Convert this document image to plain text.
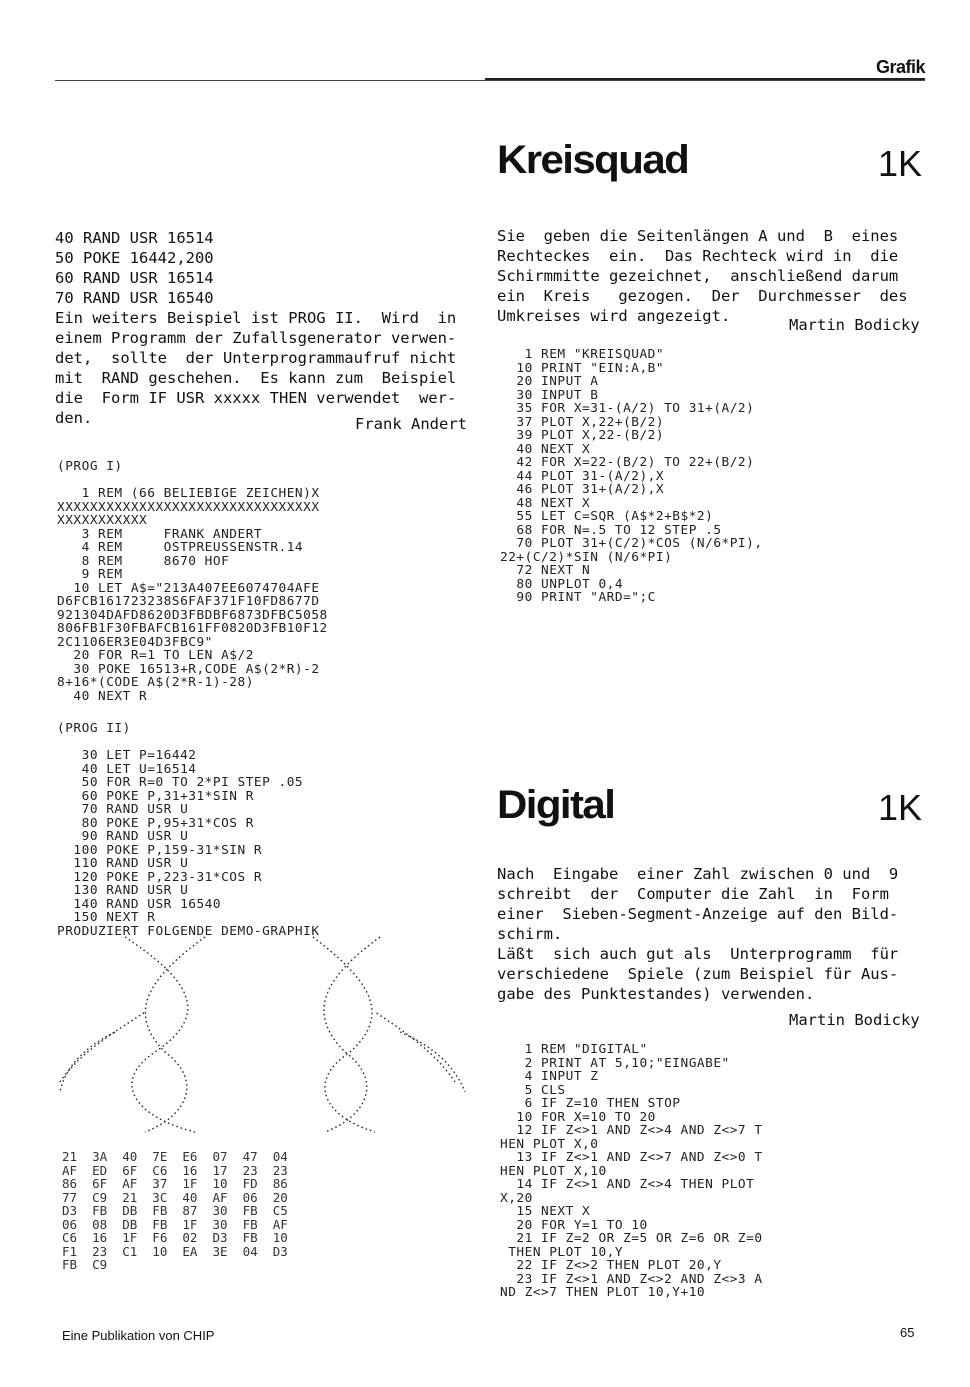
Grafik
40 RAND USR 16514
50 POKE 16442,200
60 RAND USR 16514
70 RAND USR 16540
Ein weiters Beispiel ist PROG II.  Wird  in
einem Programm der Zufallsgenerator verwen-
det,  sollte  der Unterprogrammaufruf nicht
mit  RAND geschehen.  Es kann zum  Beispiel
die  Form IF USR xxxxx THEN verwendet  wer-
den.	Frank Andert
(PROG I)
1 REM (66 BELIEBIGE ZEICHEN)X
XXXXXXXXXXXXXXXXXXXXXXXXXXXXXXXX
XXXXXXXXXXX
3 REM     FRANK ANDERT
4 REM     OSTPREUSSENSTR.14
8 REM     8670 HOF
9 REM
10 LET A$="213A407EE6074704AFE
D6FCB161723238S6FAF371F10FD8677D
921304DAFD8620D3FBDBF6873DFBC5058
806FB1F30FBAFCB161FF0820D3FB10F12
2C1106ER3E04D3FBC9"
20 FOR R=1 TO LEN A$/2
30 POKE 16513+R,CODE A$(2*R)-2
8+16*(CODE A$(2*R-1)-28)
40 NEXT R
(PROG II)
30 LET P=16442
40 LET U=16514
50 FOR R=0 TO 2*PI STEP .05
60 POKE P,31+31*SIN R
70 RAND USR U
80 POKE P,95+31*COS R
90 RAND USR U
100 POKE P,159-31*SIN R
110 RAND USR U
120 POKE P,223-31*COS R
130 RAND USR U
140 RAND USR 16540
150 NEXT R
PRODUZIERT FOLGENDE DEMO-GRAPHIK
21  3A  40  7E  E6  07  47  04
AF  ED  6F  C6  16  17  23  23
86  6F  AF  37  1F  10  FD  86
77  C9  21  3C  40  AF  06  20
D3  FB  DB  FB  87  30  FB  C5
06  08  DB  FB  1F  30  FB  AF
C6  16  1F  F6  02  D3  FB  10
F1  23  C1  10  EA  3E  04  D3
FB  C9
Kreisquad	1K
Sie  geben die Seitenlängen A und  B  eines
Rechteckes  ein.  Das Rechteck wird in  die
Schirmmitte gezeichnet,  anschließend darum
ein  Kreis   gezogen.  Der  Durchmesser  des
Umkreises wird angezeigt.	Martin Bodicky
1 REM "KREISQUAD"
10 PRINT "EIN:A,B"
20 INPUT A
30 INPUT B
35 FOR X=31-(A/2) TO 31+(A/2)
37 PLOT X,22+(B/2)
39 PLOT X,22-(B/2)
40 NEXT X
42 FOR X=22-(B/2) TO 22+(B/2)
44 PLOT 31-(A/2),X
46 PLOT 31+(A/2),X
48 NEXT X
55 LET C=SQR (A$*2+B$*2)
68 FOR N=.5 TO 12 STEP .5
70 PLOT 31+(C/2)*COS (N/6*PI),
22+(C/2)*SIN (N/6*PI)
72 NEXT N
80 UNPLOT 0,4
90 PRINT "ARD=";C
Digital	1K
Nach  Eingabe  einer Zahl zwischen 0 und  9
schreibt  der  Computer die Zahl  in  Form
einer  Sieben-Segment-Anzeige auf den Bild-
schirm.
Läßt  sich auch gut als  Unterprogramm  für
verschiedene  Spiele (zum Beispiel für Aus-
gabe des Punktestandes) verwenden.
Martin Bodicky
1 REM "DIGITAL"
2 PRINT AT 5,10;"EINGABE"
4 INPUT Z
5 CLS
6 IF Z=10 THEN STOP
10 FOR X=10 TO 20
12 IF Z<>1 AND Z<>4 AND Z<>7 T
HEN PLOT X,0
13 IF Z<>1 AND Z<>7 AND Z<>0 T
HEN PLOT X,10
14 IF Z<>1 AND Z<>4 THEN PLOT
X,20
15 NEXT X
20 FOR Y=1 TO 10
21 IF Z=2 OR Z=5 OR Z=6 OR Z=0
THEN PLOT 10,Y
22 IF Z<>2 THEN PLOT 20,Y
23 IF Z<>1 AND Z<>2 AND Z<>3 A
ND Z<>7 THEN PLOT 10,Y+10
Eine Publikation von CHIP	65
